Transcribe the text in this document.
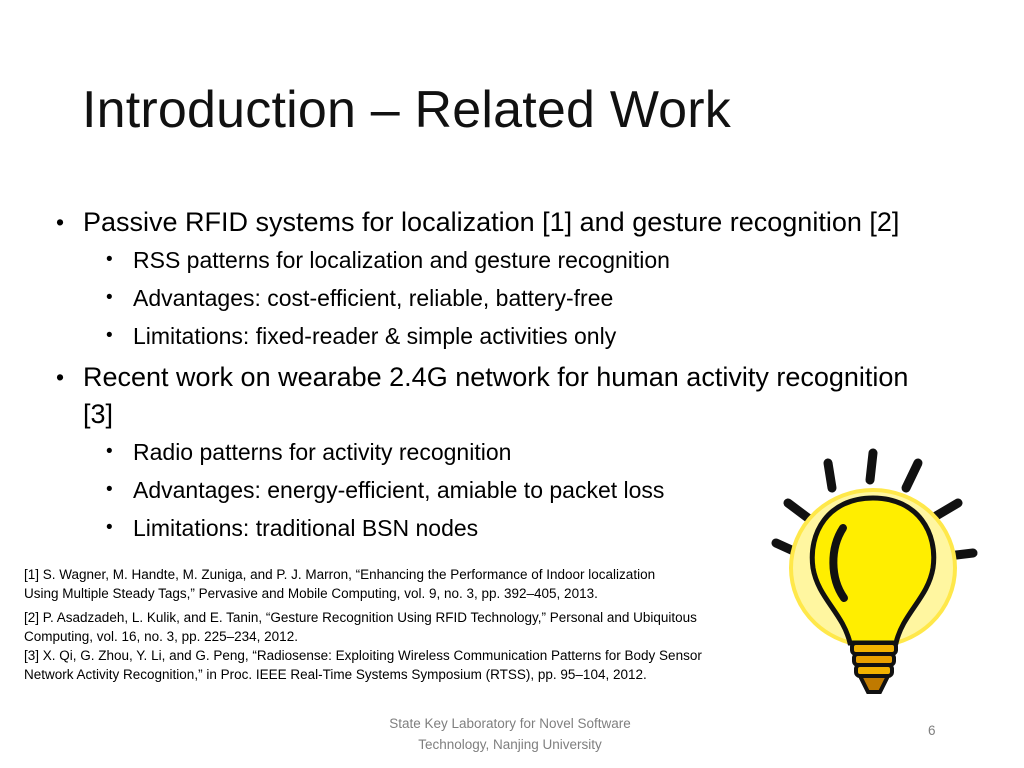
Introduction – Related Work
• Passive RFID systems for localization [1] and gesture recognition [2]
• RSS patterns for localization and gesture recognition
• Advantages: cost-efficient, reliable, battery-free
• Limitations: fixed-reader & simple activities only
• Recent work on wearabe 2.4G network for human activity recognition [3]
• Radio patterns for activity recognition
• Advantages: energy-efficient, amiable to packet loss
• Limitations: traditional BSN nodes
[1] S. Wagner, M. Handte, M. Zuniga, and P. J. Marron, “Enhancing the Performance of Indoor localization
Using Multiple Steady Tags,” Pervasive and Mobile Computing, vol. 9, no. 3, pp. 392–405, 2013.
[2] P. Asadzadeh, L. Kulik, and E. Tanin, “Gesture Recognition Using RFID Technology,” Personal and Ubiquitous
Computing, vol. 16, no. 3, pp. 225–234, 2012.
[3] X. Qi, G. Zhou, Y. Li, and G. Peng, “Radiosense: Exploiting Wireless Communication Patterns for Body Sensor
Network Activity Recognition,” in Proc. IEEE Real-Time Systems Symposium (RTSS), pp. 95–104, 2012.
State Key Laboratory for Novel Software Technology, Nanjing University
6
